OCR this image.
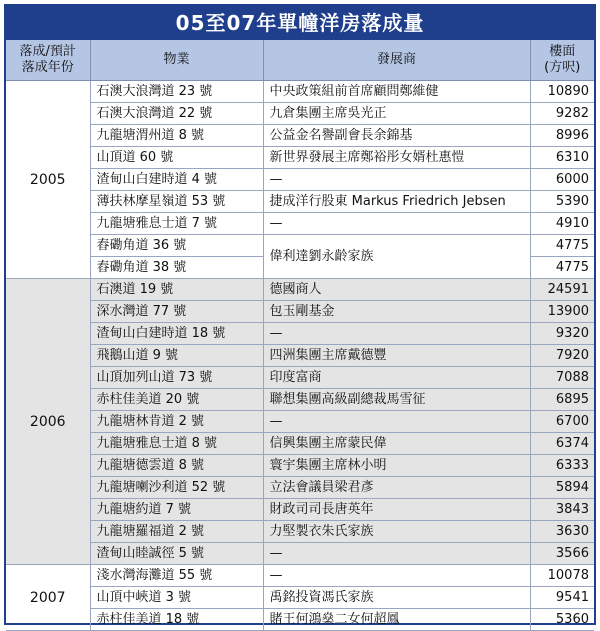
05至07年單幢洋房落成量
落成/預計
落成年份	物業	發展商	樓面
(方呎)
2005	石澳大浪灣道 23 號	中央政策組前首席顧問鄭維健	10890
	石澳大浪灣道 22 號	九倉集團主席吳光正	9282
	九龍塘渭州道 8 號	公益金名譽副會長余錦基	8996
	山頂道 60 號	新世界發展主席鄭裕彤女婿杜惠愷	6310
	渣甸山白建時道 4 號	—	6000
	薄扶林摩星嶺道 53 號	捷成洋行股東 Markus Friedrich Jebsen	5390
	九龍塘雅息士道 7 號	—	4910
	舂磡角道 36 號	偉利達劉永齡家族	4775
	舂磡角道 38 號		4775
2006	石澳道 19 號	德國商人	24591
	深水灣道 77 號	包玉剛基金	13900
	渣甸山白建時道 18 號	—	9320
	飛鵝山道 9 號	四洲集團主席戴德豐	7920
	山頂加列山道 73 號	印度富商	7088
	赤柱佳美道 20 號	聯想集團高級副總裁馬雪征	6895
	九龍塘林肯道 2 號	—	6700
	九龍塘雅息士道 8 號	信興集團主席蒙民偉	6374
	九龍塘德雲道 8 號	寰宇集團主席林小明	6333
	九龍塘喇沙利道 52 號	立法會議員梁君彥	5894
	九龍塘約道 7 號	財政司司長唐英年	3843
	九龍塘羅福道 2 號	力堅製衣朱氏家族	3630
	渣甸山睦誠徑 5 號	—	3566
2007	淺水灣海灘道 55 號	—	10078
	山頂中峽道 3 號	禹銘投資馮氏家族	9541
	赤柱佳美道 18 號	賭王何鴻燊二女何超鳳	5360
